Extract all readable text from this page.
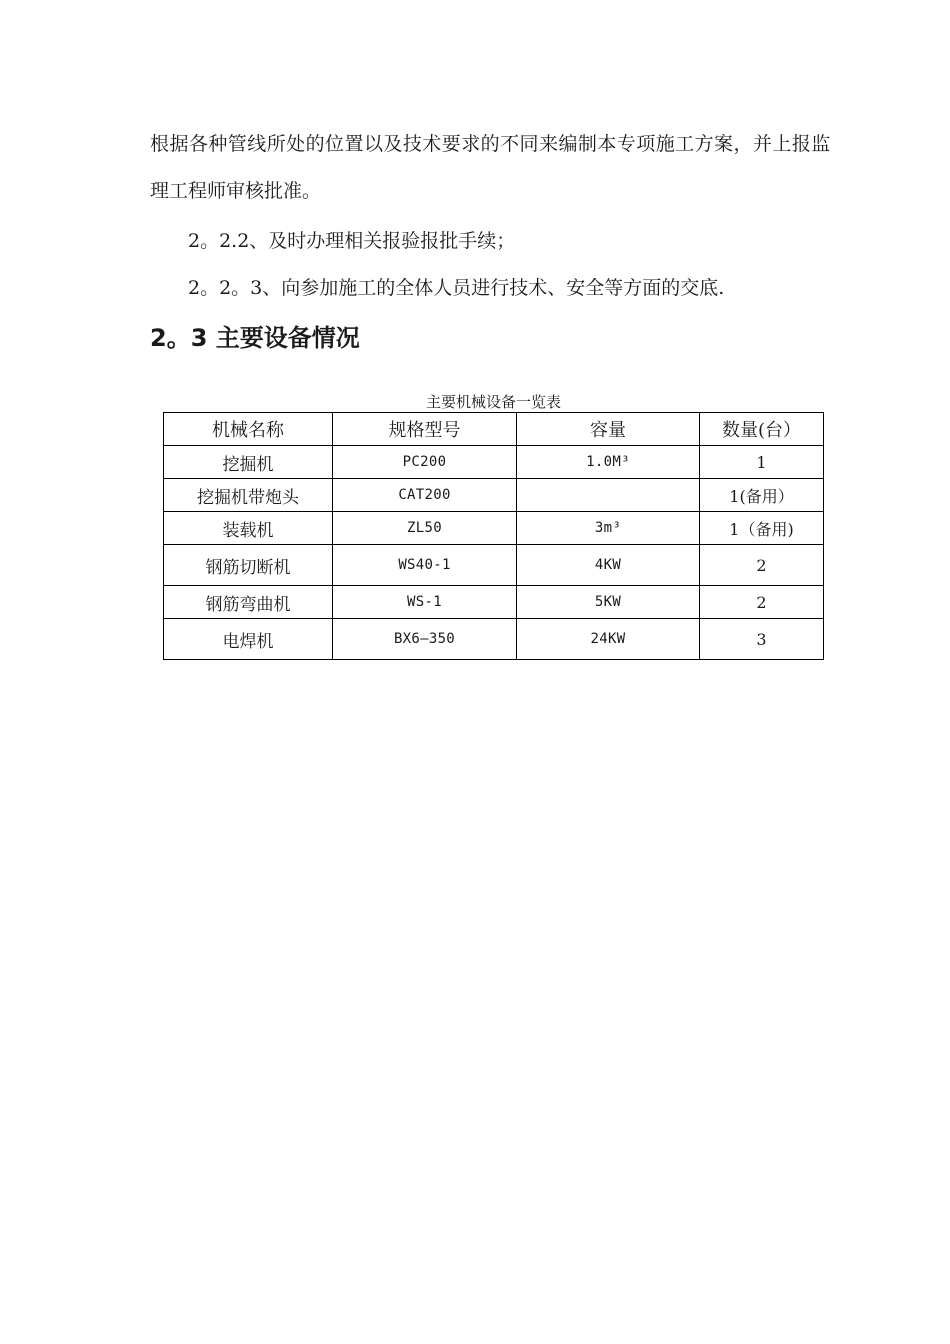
根据各种管线所处的位置以及技术要求的不同来编制本专项施工方案，并上报监
理工程师审核批准。
2。2.2、及时办理相关报验报批手续；
2。2。3、向参加施工的全体人员进行技术、安全等方面的交底.
2。3 主要设备情况
主要机械设备一览表
机械名称	规格型号	容量	数量(台）
挖掘机	PC200	1.0M³	1
挖掘机带炮头	CAT200		1(备用）
装载机	ZL50	3m³	1（备用)
钢筋切断机	WS40-1	4KW	2
钢筋弯曲机	WS-1	5KW	2
电焊机	BX6—350	24KW	3
